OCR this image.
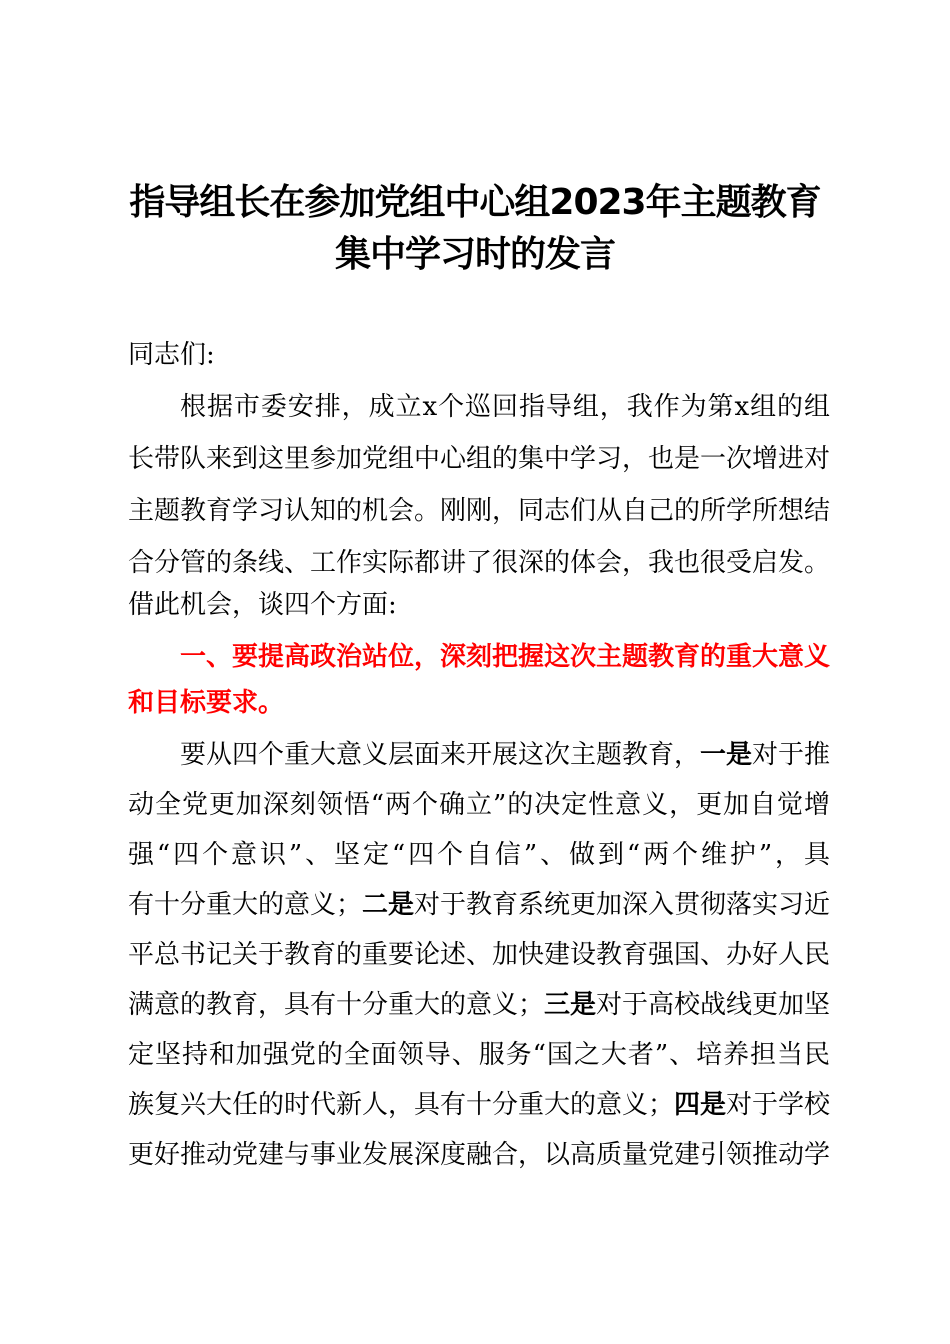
指导组长在参加党组中心组2023年主题教育
集中学习时的发言
同志们:
根据市委安排，成立x个巡回指导组，我作为第x组的组
长带队来到这里参加党组中心组的集中学习，也是一次增进对
主题教育学习认知的机会。刚刚，同志们从自己的所学所想结
合分管的条线、工作实际都讲了很深的体会，我也很受启发。
借此机会，谈四个方面:
一、要提高政治站位，深刻把握这次主题教育的重大意义
和目标要求。
要从四个重大意义层面来开展这次主题教育，一是对于推
动全党更加深刻领悟“两个确立”的决定性意义，更加自觉增
强“四个意识”、坚定“四个自信”、做到“两个维护”，具
有十分重大的意义；二是对于教育系统更加深入贯彻落实习近
平总书记关于教育的重要论述、加快建设教育强国、办好人民
满意的教育，具有十分重大的意义；三是对于高校战线更加坚
定坚持和加强党的全面领导、服务“国之大者”、培养担当民
族复兴大任的时代新人，具有十分重大的意义；四是对于学校
更好推动党建与事业发展深度融合，以高质量党建引领推动学
